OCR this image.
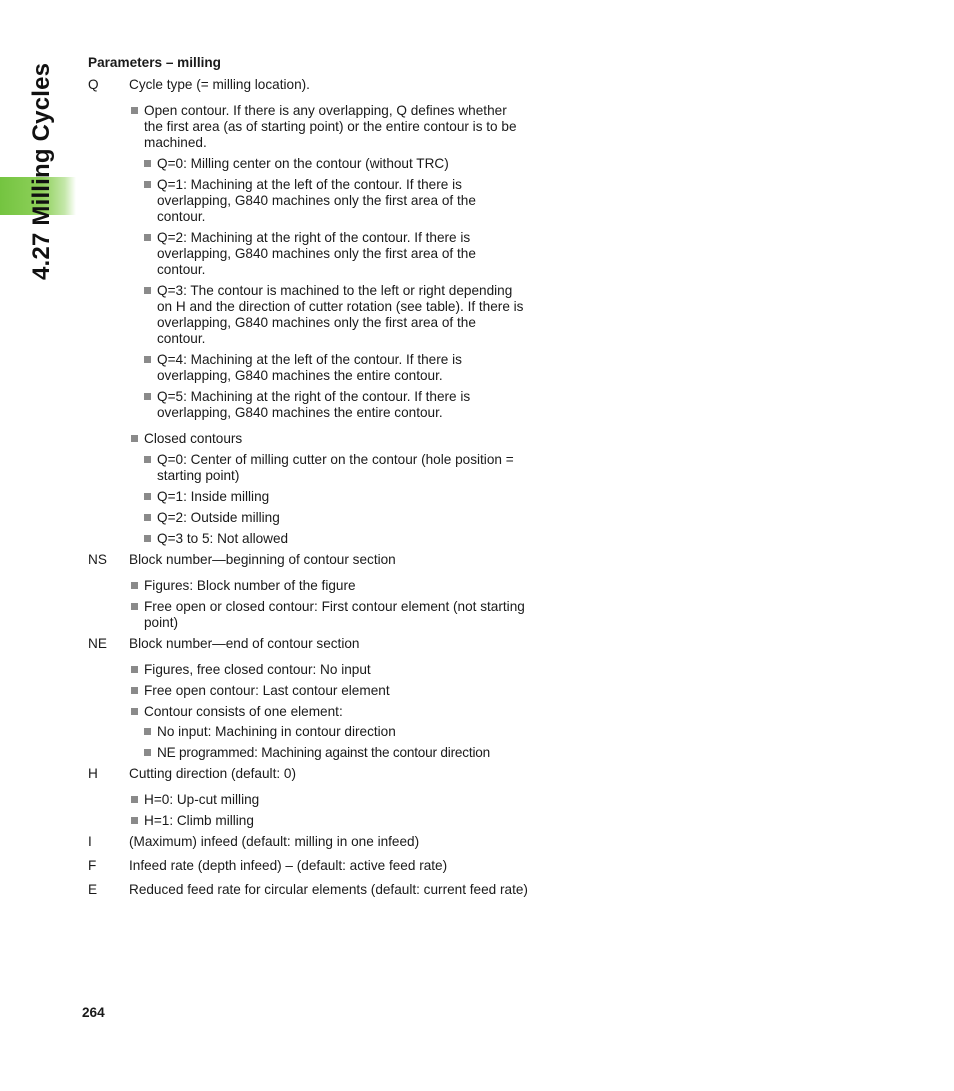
4.27 Milling Cycles
Parameters – milling
Q	Cycle type (= milling location).
Open contour. If there is any overlapping, Q defines whether the first area (as of starting point) or the entire contour is to be machined.
Q=0: Milling center on the contour (without TRC)
Q=1: Machining at the left of the contour. If there is overlapping, G840 machines only the first area of the contour.
Q=2: Machining at the right of the contour. If there is overlapping, G840 machines only the first area of the contour.
Q=3: The contour is machined to the left or right depending on H and the direction of cutter rotation (see table). If there is overlapping, G840 machines only the first area of the contour.
Q=4: Machining at the left of the contour. If there is overlapping, G840 machines the entire contour.
Q=5: Machining at the right of the contour. If there is overlapping, G840 machines the entire contour.
Closed contours
Q=0: Center of milling cutter on the contour (hole position = starting point)
Q=1: Inside milling
Q=2: Outside milling
Q=3 to 5: Not allowed
NS	Block number—beginning of contour section
Figures: Block number of the figure
Free open or closed contour: First contour element (not starting point)
NE	Block number—end of contour section
Figures, free closed contour: No input
Free open contour: Last contour element
Contour consists of one element:
No input: Machining in contour direction
NE programmed: Machining against the contour direction
H	Cutting direction (default: 0)
H=0: Up-cut milling
H=1: Climb milling
I	(Maximum) infeed (default: milling in one infeed)
F	Infeed rate (depth infeed) – (default: active feed rate)
E	Reduced feed rate for circular elements (default: current feed rate)
264
